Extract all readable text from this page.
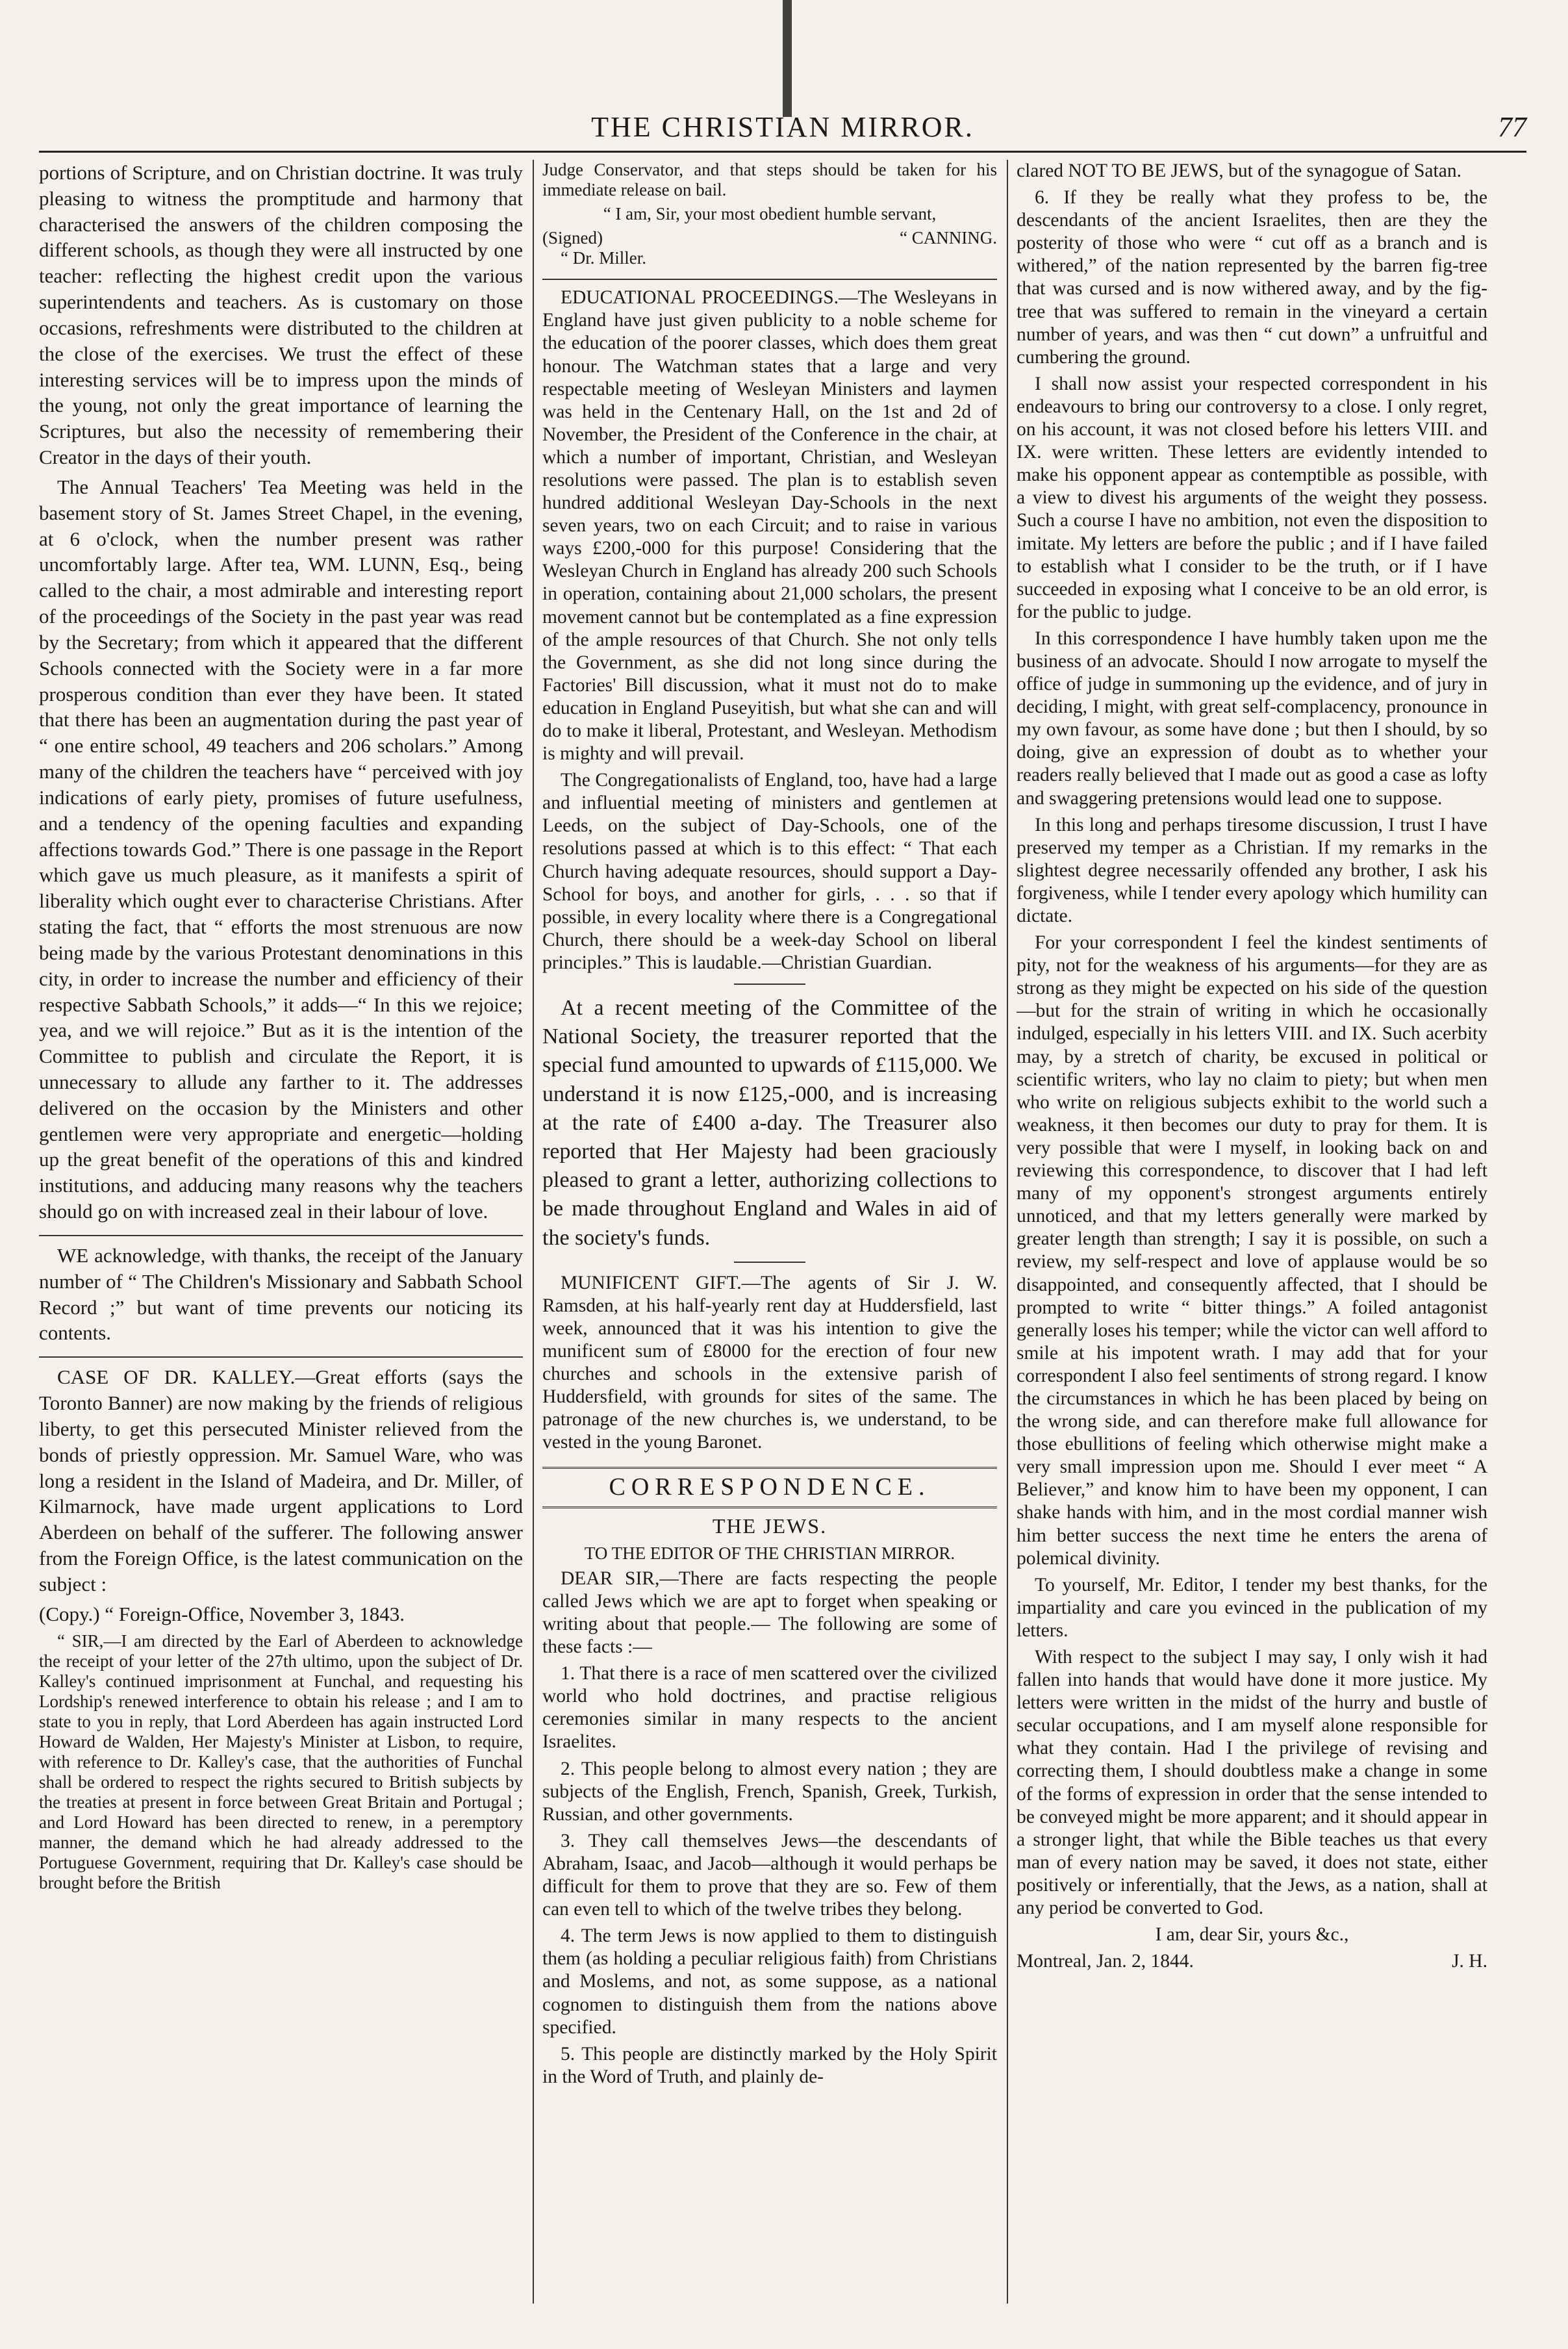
THE CHRISTIAN MIRROR.	77

portions of Scripture, and on Christian doctrine. It was truly pleasing to witness the promptitude and harmony that characterised the answers of the children composing the different schools, as though they were all instructed by one teacher: reflecting the highest credit upon the various superintendents and teachers. As is customary on those occasions, refreshments were distributed to the children at the close of the exercises. We trust the effect of these interesting services will be to impress upon the minds of the young, not only the great importance of learning the Scriptures, but also the necessity of remembering their Creator in the days of their youth.

The Annual Teachers' Tea Meeting was held in the basement story of St. James Street Chapel, in the evening, at 6 o'clock, when the number present was rather uncomfortably large. After tea, WM. LUNN, Esq., being called to the chair, a most admirable and interesting report of the proceedings of the Society in the past year was read by the Secretary; from which it appeared that the different Schools connected with the Society were in a far more prosperous condition than ever they have been. It stated that there has been an augmentation during the past year of “ one entire school, 49 teachers and 206 scholars.” Among many of the children the teachers have “ perceived with joy indications of early piety, promises of future usefulness, and a tendency of the opening faculties and expanding affections towards God.” There is one passage in the Report which gave us much pleasure, as it manifests a spirit of liberality which ought ever to characterise Christians. After stating the fact, that “ efforts the most strenuous are now being made by the various Protestant denominations in this city, in order to increase the number and efficiency of their respective Sabbath Schools,” it adds—“ In this we rejoice; yea, and we will rejoice.” But as it is the intention of the Committee to publish and circulate the Report, it is unnecessary to allude any farther to it. The addresses delivered on the occasion by the Ministers and other gentlemen were very appropriate and energetic—holding up the great benefit of the operations of this and kindred institutions, and adducing many reasons why the teachers should go on with increased zeal in their labour of love.

WE acknowledge, with thanks, the receipt of the January number of “ The Children's Missionary and Sabbath School Record ;” but want of time prevents our noticing its contents.

CASE OF DR. KALLEY.—Great efforts (says the Toronto Banner) are now making by the friends of religious liberty, to get this persecuted Minister relieved from the bonds of priestly oppression. Mr. Samuel Ware, who was long a resident in the Island of Madeira, and Dr. Miller, of Kilmarnock, have made urgent applications to Lord Aberdeen on behalf of the sufferer. The following answer from the Foreign Office, is the latest communication on the subject :

(Copy.) “ Foreign-Office, November 3, 1843.

“ SIR,—I am directed by the Earl of Aberdeen to acknowledge the receipt of your letter of the 27th ultimo, upon the subject of Dr. Kalley's continued imprisonment at Funchal, and requesting his Lordship's renewed interference to obtain his release ; and I am to state to you in reply, that Lord Aberdeen has again instructed Lord Howard de Walden, Her Majesty's Minister at Lisbon, to require, with reference to Dr. Kalley's case, that the authorities of Funchal shall be ordered to respect the rights secured to British subjects by the treaties at present in force between Great Britain and Portugal ; and Lord Howard has been directed to renew, in a peremptory manner, the demand which he had already addressed to the Portuguese Government, requiring that Dr. Kalley's case should be brought before the British

Judge Conservator, and that steps should be taken for his immediate release on bail.

“ I am, Sir, your most obedient humble servant,

(Signed)	“ CANNING.

“ Dr. Miller.

EDUCATIONAL PROCEEDINGS.—The Wesleyans in England have just given publicity to a noble scheme for the education of the poorer classes, which does them great honour. The Watchman states that a large and very respectable meeting of Wesleyan Ministers and laymen was held in the Centenary Hall, on the 1st and 2d of November, the President of the Conference in the chair, at which a number of important, Christian, and Wesleyan resolutions were passed. The plan is to establish seven hundred additional Wesleyan Day-Schools in the next seven years, two on each Circuit; and to raise in various ways £200,-000 for this purpose! Considering that the Wesleyan Church in England has already 200 such Schools in operation, containing about 21,000 scholars, the present movement cannot but be contemplated as a fine expression of the ample resources of that Church. She not only tells the Government, as she did not long since during the Factories' Bill discussion, what it must not do to make education in England Puseyitish, but what she can and will do to make it liberal, Protestant, and Wesleyan. Methodism is mighty and will prevail.

The Congregationalists of England, too, have had a large and influential meeting of ministers and gentlemen at Leeds, on the subject of Day-Schools, one of the resolutions passed at which is to this effect: “ That each Church having adequate resources, should support a Day-School for boys, and another for girls, . . . so that if possible, in every locality where there is a Congregational Church, there should be a week-day School on liberal principles.” This is laudable.—Christian Guardian.

At a recent meeting of the Committee of the National Society, the treasurer reported that the special fund amounted to upwards of £115,000. We understand it is now £125,-000, and is increasing at the rate of £400 a-day. The Treasurer also reported that Her Majesty had been graciously pleased to grant a letter, authorizing collections to be made throughout England and Wales in aid of the society's funds.

MUNIFICENT GIFT.—The agents of Sir J. W. Ramsden, at his half-yearly rent day at Huddersfield, last week, announced that it was his intention to give the munificent sum of £8000 for the erection of four new churches and schools in the extensive parish of Huddersfield, with grounds for sites of the same. The patronage of the new churches is, we understand, to be vested in the young Baronet.

CORRESPONDENCE.
THE JEWS.

TO THE EDITOR OF THE CHRISTIAN MIRROR.

DEAR SIR,—There are facts respecting the people called Jews which we are apt to forget when speaking or writing about that people.— The following are some of these facts :—

1. That there is a race of men scattered over the civilized world who hold doctrines, and practise religious ceremonies similar in many respects to the ancient Israelites.

2. This people belong to almost every nation ; they are subjects of the English, French, Spanish, Greek, Turkish, Russian, and other governments.

3. They call themselves Jews—the descendants of Abraham, Isaac, and Jacob—although it would perhaps be difficult for them to prove that they are so. Few of them can even tell to which of the twelve tribes they belong.

4. The term Jews is now applied to them to distinguish them (as holding a peculiar religious faith) from Christians and Moslems, and not, as some suppose, as a national cognomen to distinguish them from the nations above specified.

5. This people are distinctly marked by the Holy Spirit in the Word of Truth, and plainly de-

clared NOT TO BE JEWS, but of the synagogue of Satan.

6. If they be really what they profess to be, the descendants of the ancient Israelites, then are they the posterity of those who were “ cut off as a branch and is withered,” of the nation represented by the barren fig-tree that was cursed and is now withered away, and by the fig-tree that was suffered to remain in the vineyard a certain number of years, and was then “ cut down” a unfruitful and cumbering the ground.

I shall now assist your respected correspondent in his endeavours to bring our controversy to a close. I only regret, on his account, it was not closed before his letters VIII. and IX. were written. These letters are evidently intended to make his opponent appear as contemptible as possible, with a view to divest his arguments of the weight they possess. Such a course I have no ambition, not even the disposition to imitate. My letters are before the public ; and if I have failed to establish what I consider to be the truth, or if I have succeeded in exposing what I conceive to be an old error, is for the public to judge.

In this correspondence I have humbly taken upon me the business of an advocate. Should I now arrogate to myself the office of judge in summoning up the evidence, and of jury in deciding, I might, with great self-complacency, pronounce in my own favour, as some have done ; but then I should, by so doing, give an expression of doubt as to whether your readers really believed that I made out as good a case as lofty and swaggering pretensions would lead one to suppose.

In this long and perhaps tiresome discussion, I trust I have preserved my temper as a Christian. If my remarks in the slightest degree necessarily offended any brother, I ask his forgiveness, while I tender every apology which humility can dictate.

For your correspondent I feel the kindest sentiments of pity, not for the weakness of his arguments—for they are as strong as they might be expected on his side of the question—but for the strain of writing in which he occasionally indulged, especially in his letters VIII. and IX. Such acerbity may, by a stretch of charity, be excused in political or scientific writers, who lay no claim to piety; but when men who write on religious subjects exhibit to the world such a weakness, it then becomes our duty to pray for them. It is very possible that were I myself, in looking back on and reviewing this correspondence, to discover that I had left many of my opponent's strongest arguments entirely unnoticed, and that my letters generally were marked by greater length than strength; I say it is possible, on such a review, my self-respect and love of applause would be so disappointed, and consequently affected, that I should be prompted to write “ bitter things.” A foiled antagonist generally loses his temper; while the victor can well afford to smile at his impotent wrath. I may add that for your correspondent I also feel sentiments of strong regard. I know the circumstances in which he has been placed by being on the wrong side, and can therefore make full allowance for those ebullitions of feeling which otherwise might make a very small impression upon me. Should I ever meet “ A Believer,” and know him to have been my opponent, I can shake hands with him, and in the most cordial manner wish him better success the next time he enters the arena of polemical divinity.

To yourself, Mr. Editor, I tender my best thanks, for the impartiality and care you evinced in the publication of my letters.

With respect to the subject I may say, I only wish it had fallen into hands that would have done it more justice. My letters were written in the midst of the hurry and bustle of secular occupations, and I am myself alone responsible for what they contain. Had I the privilege of revising and correcting them, I should doubtless make a change in some of the forms of expression in order that the sense intended to be conveyed might be more apparent; and it should appear in a stronger light, that while the Bible teaches us that every man of every nation may be saved, it does not state, either positively or inferentially, that the Jews, as a nation, shall at any period be converted to God.

I am, dear Sir, yours &c.,

Montreal, Jan. 2, 1844.	J. H.
